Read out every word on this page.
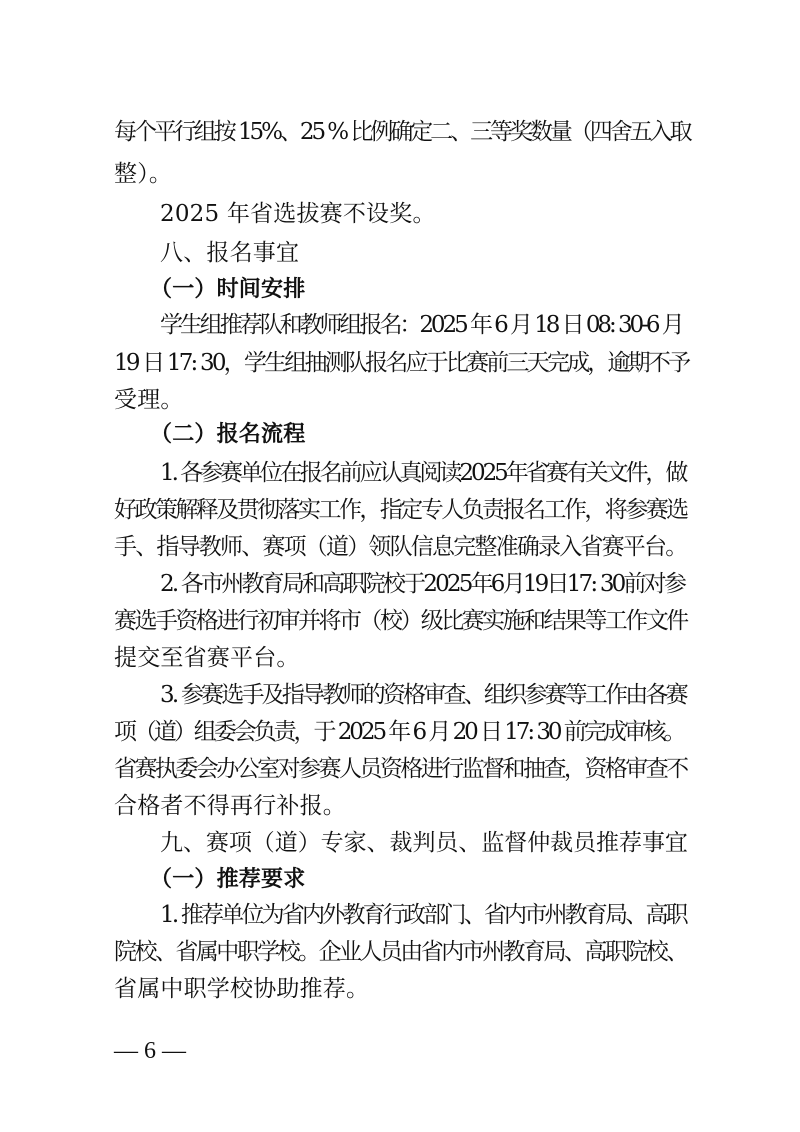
每个平行组按 15%、25 % 比例确定二、三等奖数量（四舍五入取
整）。
2025 年省选拔赛不设奖。
八、报名事宜
（一）时间安排
学生组推荐队和教师组报名：2025 年 6 月 18 日 08: 30-6 月
19 日 17: 30，学生组抽测队报名应于比赛前三天完成，逾期不予
受理。
（二）报名流程
1. 各参赛单位在报名前应认真阅读2025年省赛有关文件，做
好政策解释及贯彻落实工作，指定专人负责报名工作，将参赛选
手、指导教师、赛项（道）领队信息完整准确录入省赛平台。
2. 各市州教育局和高职院校于2025年6月19日17: 30前对参
赛选手资格进行初审并将市（校）级比赛实施和结果等工作文件
提交至省赛平台。
3. 参赛选手及指导教师的资格审查、组织参赛等工作由各赛
项（道）组委会负责，于 2025 年 6 月 20 日 17: 30 前完成审核。
省赛执委会办公室对参赛人员资格进行监督和抽查，资格审查不
合格者不得再行补报。
九、赛项（道）专家、裁判员、监督仲裁员推荐事宜
（一）推荐要求
1. 推荐单位为省内外教育行政部门、省内市州教育局、高职
院校、省属中职学校。企业人员由省内市州教育局、高职院校、
省属中职学校协助推荐。
— 6 —
